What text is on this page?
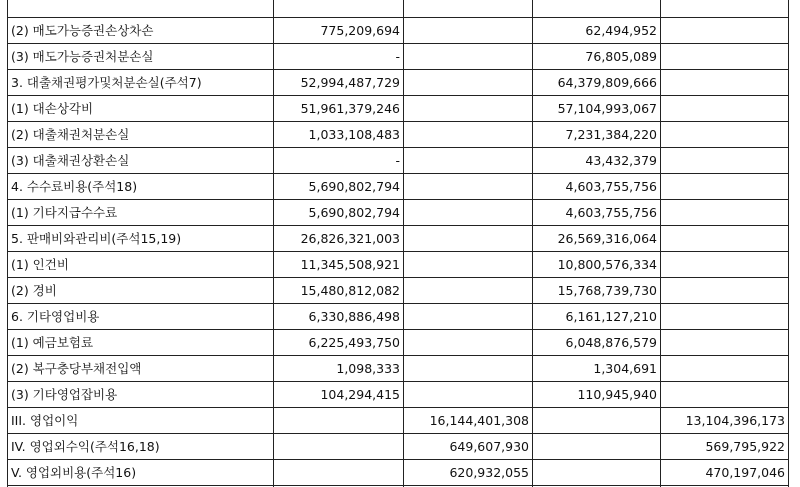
(2) 매도가능증권손상차손	775,209,694		62,494,952	
(3) 매도가능증권처분손실	-		76,805,089	
3. 대출채권평가및처분손실(주석7)	52,994,487,729		64,379,809,666	
(1) 대손상각비	51,961,379,246		57,104,993,067	
(2) 대출채권처분손실	1,033,108,483		7,231,384,220	
(3) 대출채권상환손실	-		43,432,379	
4. 수수료비용(주석18)	5,690,802,794		4,603,755,756	
(1) 기타지급수수료	5,690,802,794		4,603,755,756	
5. 판매비와관리비(주석15,19)	26,826,321,003		26,569,316,064	
(1) 인건비	11,345,508,921		10,800,576,334	
(2) 경비	15,480,812,082		15,768,739,730	
6. 기타영업비용	6,330,886,498		6,161,127,210	
(1) 예금보험료	6,225,493,750		6,048,876,579	
(2) 복구충당부채전입액	1,098,333		1,304,691	
(3) 기타영업잡비용	104,294,415		110,945,940	
III. 영업이익		16,144,401,308		13,104,396,173
IV. 영업외수익(주석16,18)		649,607,930		569,795,922
V. 영업외비용(주석16)		620,932,055		470,197,046
